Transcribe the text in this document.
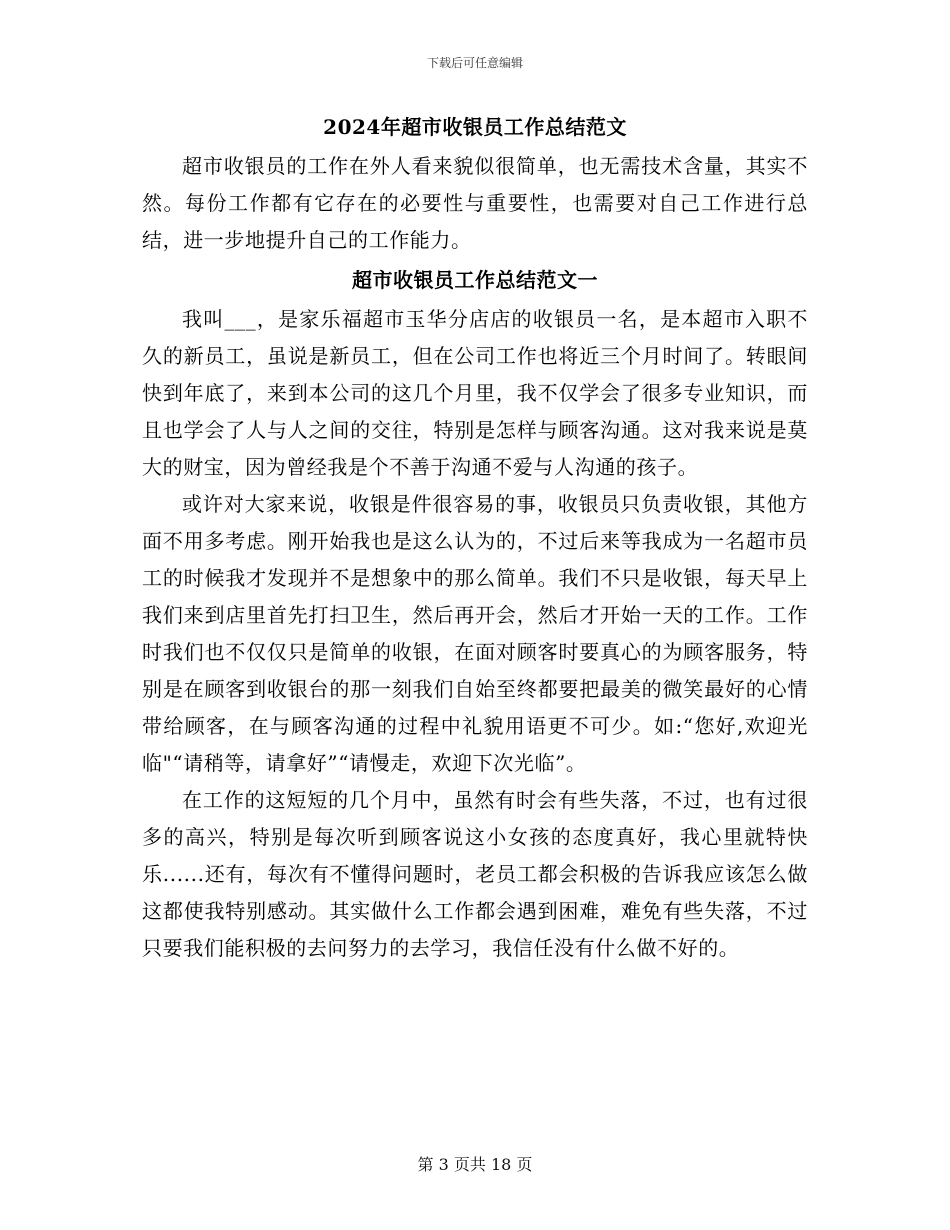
下载后可任意编辑
2024年超市收银员工作总结范文

超市收银员的工作在外人看来貌似很简单，也无需技术含量，其实不然。每份工作都有它存在的必要性与重要性，也需要对自己工作进行总结，进一步地提升自己的工作能力。

超市收银员工作总结范文一

我叫___，是家乐福超市玉华分店店的收银员一名，是本超市入职不久的新员工，虽说是新员工，但在公司工作也将近三个月时间了。转眼间快到年底了，来到本公司的这几个月里，我不仅学会了很多专业知识，而且也学会了人与人之间的交往，特别是怎样与顾客沟通。这对我来说是莫大的财宝，因为曾经我是个不善于沟通不爱与人沟通的孩子。

或许对大家来说，收银是件很容易的事，收银员只负责收银，其他方面不用多考虑。刚开始我也是这么认为的，不过后来等我成为一名超市员工的时候我才发现并不是想象中的那么简单。我们不只是收银，每天早上我们来到店里首先打扫卫生，然后再开会，然后才开始一天的工作。工作时我们也不仅仅只是简单的收银，在面对顾客时要真心的为顾客服务，特别是在顾客到收银台的那一刻我们自始至终都要把最美的微笑最好的心情带给顾客，在与顾客沟通的过程中礼貌用语更不可少。如:“您好,欢迎光临"“请稍等，请拿好”“请慢走，欢迎下次光临”。

在工作的这短短的几个月中，虽然有时会有些失落，不过，也有过很多的高兴，特别是每次听到顾客说这小女孩的态度真好，我心里就特快乐......还有，每次有不懂得问题时，老员工都会积极的告诉我应该怎么做这都使我特别感动。其实做什么工作都会遇到困难，难免有些失落，不过只要我们能积极的去问努力的去学习，我信任没有什么做不好的。

第 3 页共 18 页
